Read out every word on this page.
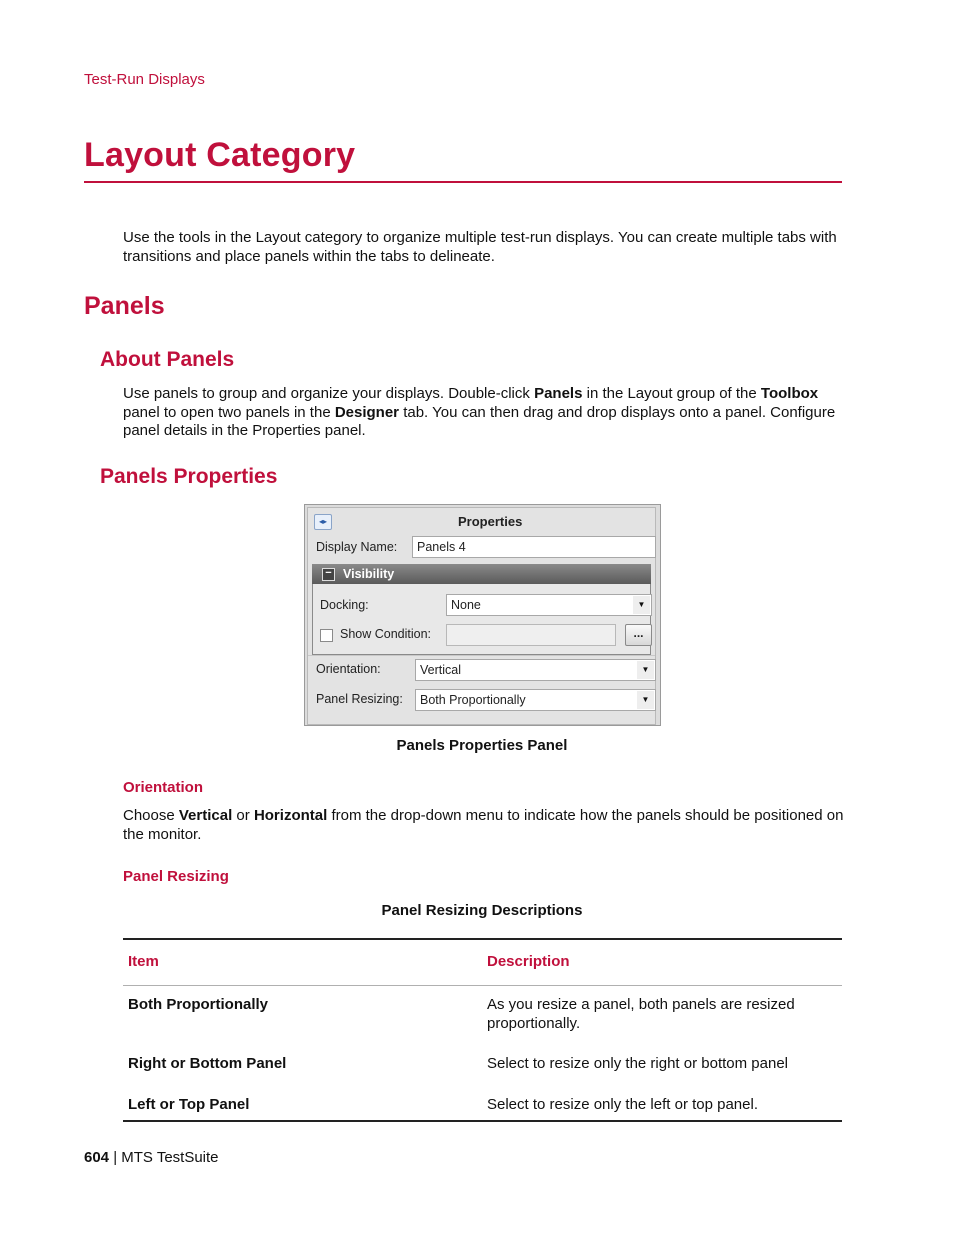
Test-Run Displays
Layout Category
Use the tools in the Layout category to organize multiple test-run displays. You can create multiple tabs with transitions and place panels within the tabs to delineate.
Panels
About Panels
Use panels to group and organize your displays. Double-click Panels in the Layout group of the Toolbox panel to open two panels in the Designer tab. You can then drag and drop displays onto a panel. Configure panel details in the Properties panel.
Panels Properties
◂▸	Properties
Display Name:	Panels 4
− Visibility
Docking:	None	▼
Show Condition:	...
Orientation:	Vertical	▼
Panel Resizing:	Both Proportionally	▼
Panels Properties Panel
Orientation
Choose Vertical or Horizontal from the drop-down menu to indicate how the panels should be positioned on the monitor.
Panel Resizing
Panel Resizing Descriptions
Item	Description
Both Proportionally	As you resize a panel, both panels are resized proportionally.
Right or Bottom Panel	Select to resize only the right or bottom panel
Left or Top Panel	Select to resize only the left or top panel.
604 | MTS TestSuite
